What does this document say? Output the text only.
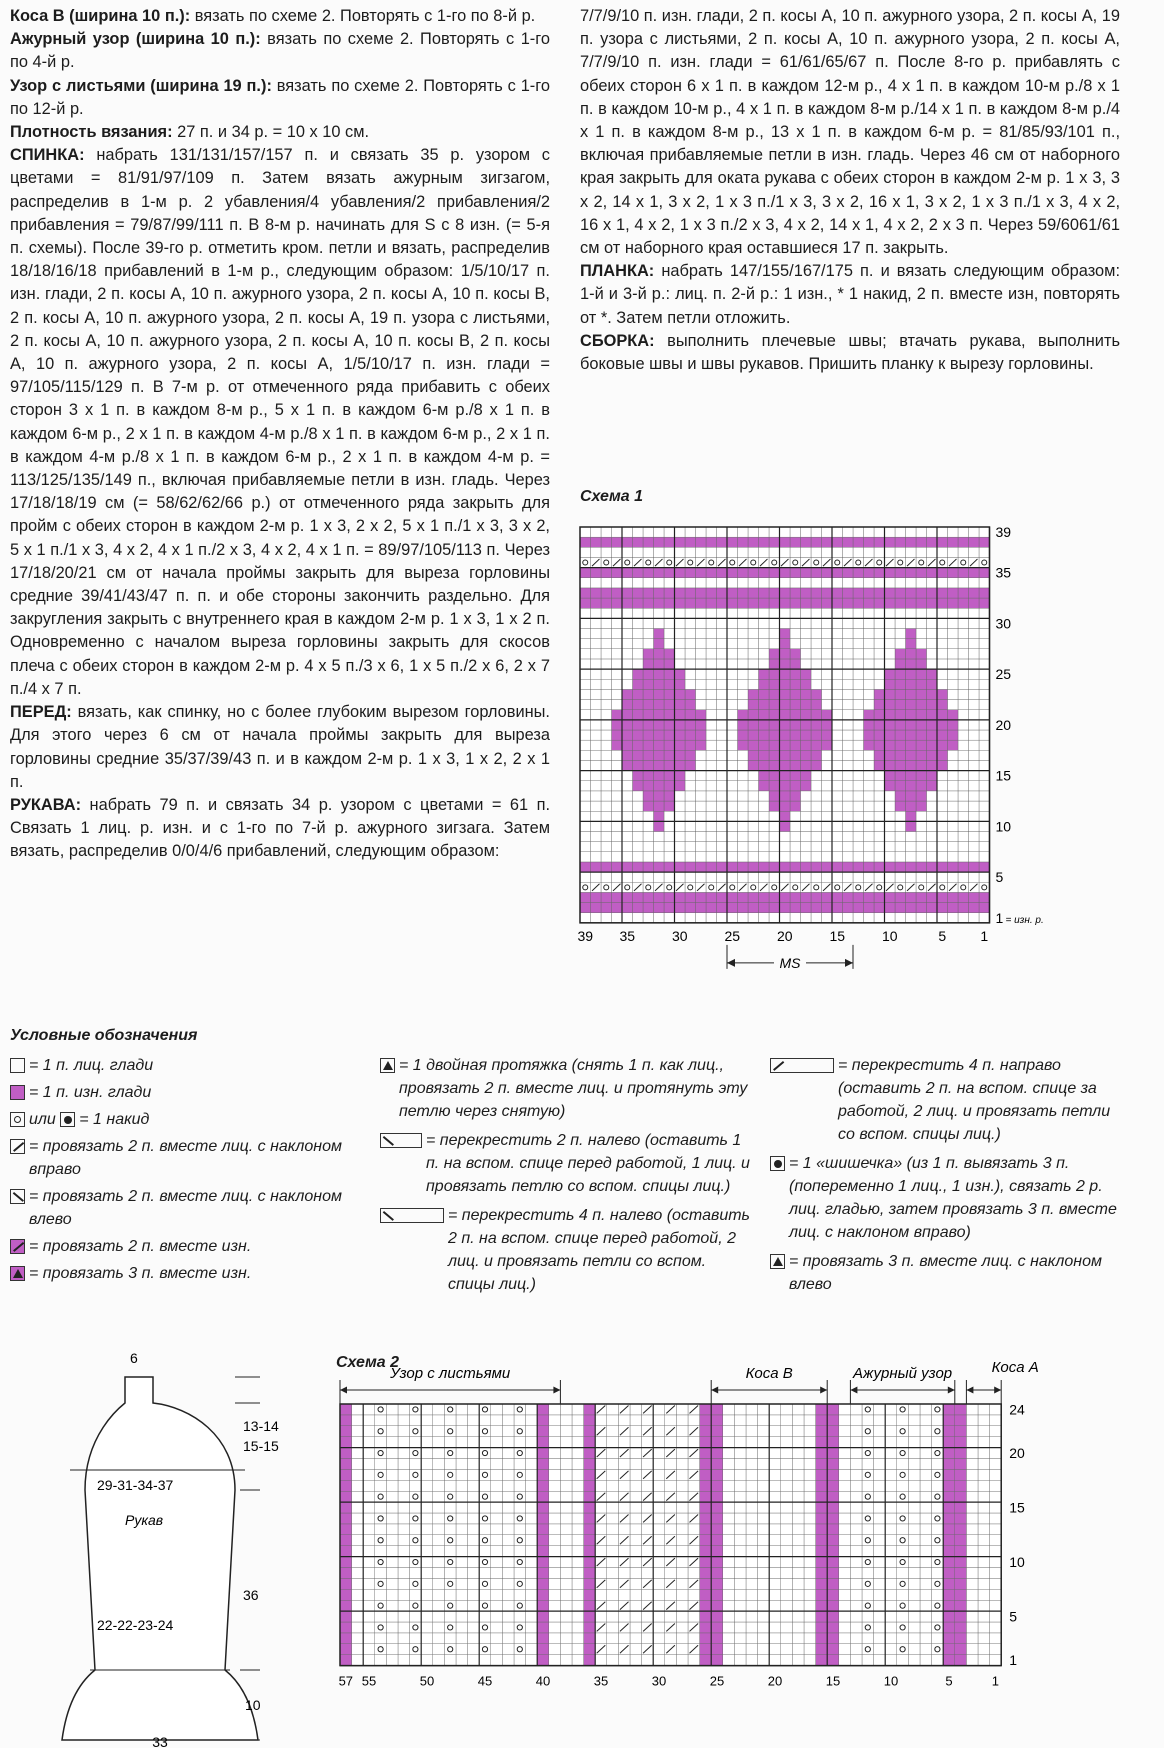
Коса В (ширина 10 п.): вязать по схеме 2. Повторять с 1-го по 8-й р.
Ажурный узор (ширина 10 п.): вязать по схеме 2. Повторять с 1-го по 4-й р.
Узор с листьями (ширина 19 п.): вязать по схеме 2. Повторять с 1-го по 12-й р.
Плотность вязания: 27 п. и 34 р. = 10 x 10 см.
СПИНКА: набрать 131/131/157/157 п. и связать 35 р. узором с цветами = 81/91/97/109 п. Затем вязать ажурным зигзагом, распределив в 1-м р. 2 убавления/4 убавления/2 прибавления/2 прибавления = 79/87/99/111 п. В 8-м р. начинать для S с 8 изн. (= 5-я п. схемы). После 39-го р. отметить кром. петли и вязать, распределив 18/18/16/18 прибавлений в 1-м р., следующим образом: 1/5/10/17 п. изн. глади, 2 п. косы А, 10 п. ажурного узора, 2 п. косы А, 10 п. косы В, 2 п. косы А, 10 п. ажурного узора, 2 п. косы А, 19 п. узора с листьями, 2 п. косы А, 10 п. ажурного узора, 2 п. косы А, 10 п. косы В, 2 п. косы А, 10 п. ажурного узора, 2 п. косы А, 1/5/10/17 п. изн. глади = 97/105/115/129 п. В 7-м р. от отмеченного ряда прибавить с обеих сторон 3 x 1 п. в каждом 8-м р., 5 x 1 п. в каждом 6-м р./8 x 1 п. в каждом 6-м р., 2 x 1 п. в каждом 4-м р./8 x 1 п. в каждом 6-м р., 2 x 1 п. в каждом 4-м р./8 x 1 п. в каждом 6-м р., 2 x 1 п. в каждом 4-м р. = 113/125/135/149 п., включая прибавляемые петли в изн. гладь. Через 17/18/18/19 см (= 58/62/62/66 р.) от отмеченного ряда закрыть для пройм с обеих сторон в каждом 2-м р. 1 x 3, 2 x 2, 5 x 1 п./1 x 3, 3 x 2, 5 x 1 п./1 x 3, 4 x 2, 4 x 1 п./2 x 3, 4 x 2, 4 x 1 п. = 89/97/105/113 п. Через 17/18/20/21 см от начала проймы закрыть для выреза горловины средние 39/41/43/47 п. п. и обе стороны закончить раздельно. Для закругления закрыть с внутреннего края в каждом 2-м р. 1 x 3, 1 x 2 п. Одновременно с началом выреза горловины закрыть для скосов плеча с обеих сторон в каждом 2-м р. 4 x 5 п./3 x 6, 1 x 5 п./2 x 6, 2 x 7 п./4 x 7 п.
ПЕРЕД: вязать, как спинку, но с более глубоким вырезом горловины. Для этого через 6 см от начала проймы закрыть для выреза горловины средние 35/37/39/43 п. и в каждом 2-м р. 1 x 3, 1 x 2, 2 x 1 п.
РУКАВА: набрать 79 п. и связать 34 р. узором с цветами = 61 п. Связать 1 лиц. р. изн. и с 1-го по 7-й р. ажурного зигзага. Затем вязать, распределив 0/0/4/6 прибавлений, следующим образом:
7/7/9/10 п. изн. глади, 2 п. косы А, 10 п. ажурного узора, 2 п. косы А, 19 п. узора с листьями, 2 п. косы А, 10 п. ажурного узора, 2 п. косы А, 7/7/9/10 п. изн. глади = 61/61/65/67 п. После 8-го р. прибавлять с обеих сторон 6 x 1 п. в каждом 12-м р., 4 x 1 п. в каждом 10-м р./8 x 1 п. в каждом 10-м р., 4 x 1 п. в каждом 8-м р./14 x 1 п. в каждом 8-м р./4 x 1 п. в каждом 8-м р., 13 x 1 п. в каждом 6-м р. = 81/85/93/101 п., включая прибавляемые петли в изн. гладь. Через 46 см от наборного края закрыть для оката рукава с обеих сторон в каждом 2-м р. 1 x 3, 3 x 2, 14 x 1, 3 x 2, 1 x 3 п./1 x 3, 3 x 2, 16 x 1, 3 x 2, 1 x 3 п./1 x 3, 4 x 2, 16 x 1, 4 x 2, 1 x 3 п./2 x 3, 4 x 2, 14 x 1, 4 x 2, 2 x 3 п. Через 59/6061/61 см от наборного края оставшиеся 17 п. закрыть.
ПЛАНКА: набрать 147/155/167/175 п. и вязать следующим образом: 1-й и 3-й р.: лиц. п. 2-й р.: 1 изн., * 1 накид, 2 п. вместе изн, повторять от *. Затем петли отложить.
СБОРКА: выполнить плечевые швы; втачать рукава, выполнить боковые швы и швы рукавов. Пришить планку к вырезу горловины.
Схема 1
39
35
30
25
20
15
10
5
1 = изн. р.
39 35	30	25	20	15	10	5 1
MS
Условные обозначения
= 1 п. лиц. глади
= 1 п. изн. глади
или = 1 накид
= провязать 2 п. вместе лиц. с наклоном вправо
= провязать 2 п. вместе лиц. с наклоном влево
= провязать 2 п. вместе изн.
= провязать 3 п. вместе изн.
= 1 двойная протяжка (снять 1 п. как лиц., провязать 2 п. вместе лиц. и протянуть эту петлю через снятую)
= перекрестить 2 п. налево (оставить 1 п. на вспом. спице перед работой, 1 лиц. и провязать петлю со вспом. спицы лиц.)
= перекрестить 4 п. налево (оставить 2 п. на вспом. спице перед работой, 2 лиц. и провязать петли со вспом. спицы лиц.)
= перекрестить 4 п. направо (оставить 2 п. на вспом. спице за работой, 2 лиц. и провязать петли со вспом. спицы лиц.)
= 1 «шишечка» (из 1 п. вывязать 3 п. (попеременно 1 лиц., 1 изн.), связать 2 р. лиц. гладью, затем провязать 3 п. вместе лиц. с наклоном вправо)
= провязать 3 п. вместе лиц. с наклоном влево
6
13-14
15-15
29-31-34-37
Рукав
36
22-22-23-24
10
33
Схема 2
Узор с листьями	Коса В	Ажурный узор	Коса А
24
20
15
10
5
1
57 55	50	45	40	35	30	25	20	15	10	5	1
